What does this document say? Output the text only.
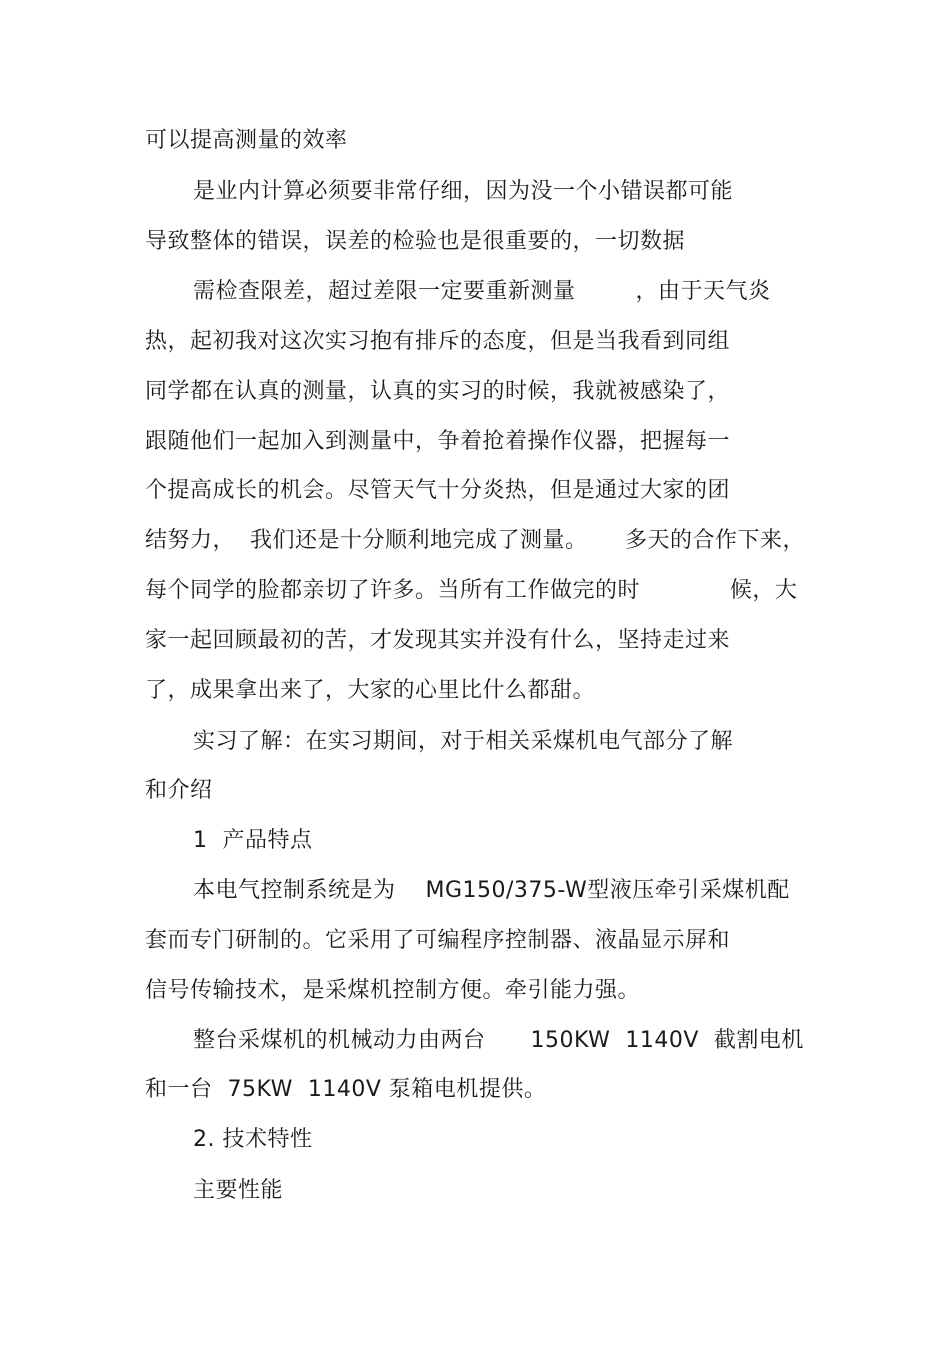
可以提高测量的效率
是业内计算必须要非常仔细，因为没一个小错误都可能
导致整体的错误，误差的检验也是很重要的，一切数据
需检查限差，超过差限一定要重新测量        ，由于天气炎
热，起初我对这次实习抱有排斥的态度，但是当我看到同组
同学都在认真的测量，认真的实习的时候，我就被感染了，
跟随他们一起加入到测量中，争着抢着操作仪器，把握每一
个提高成长的机会。尽管天气十分炎热，但是通过大家的团
结努力，  我们还是十分顺利地完成了测量。     多天的合作下来，
每个同学的脸都亲切了许多。当所有工作做完的时            候，大
家一起回顾最初的苦，才发现其实并没有什么，坚持走过来
了，成果拿出来了，大家的心里比什么都甜。
实习了解：在实习期间，对于相关采煤机电气部分了解
和介绍
1  产品特点
本电气控制系统是为    MG150/375-W型液压牵引采煤机配
套而专门研制的。它采用了可编程序控制器、液晶显示屏和
信号传输技术，是采煤机控制方便。牵引能力强。
整台采煤机的机械动力由两台      150KW  1140V  截割电机
和一台  75KW  1140V 泵箱电机提供。
2. 技术特性
主要性能
